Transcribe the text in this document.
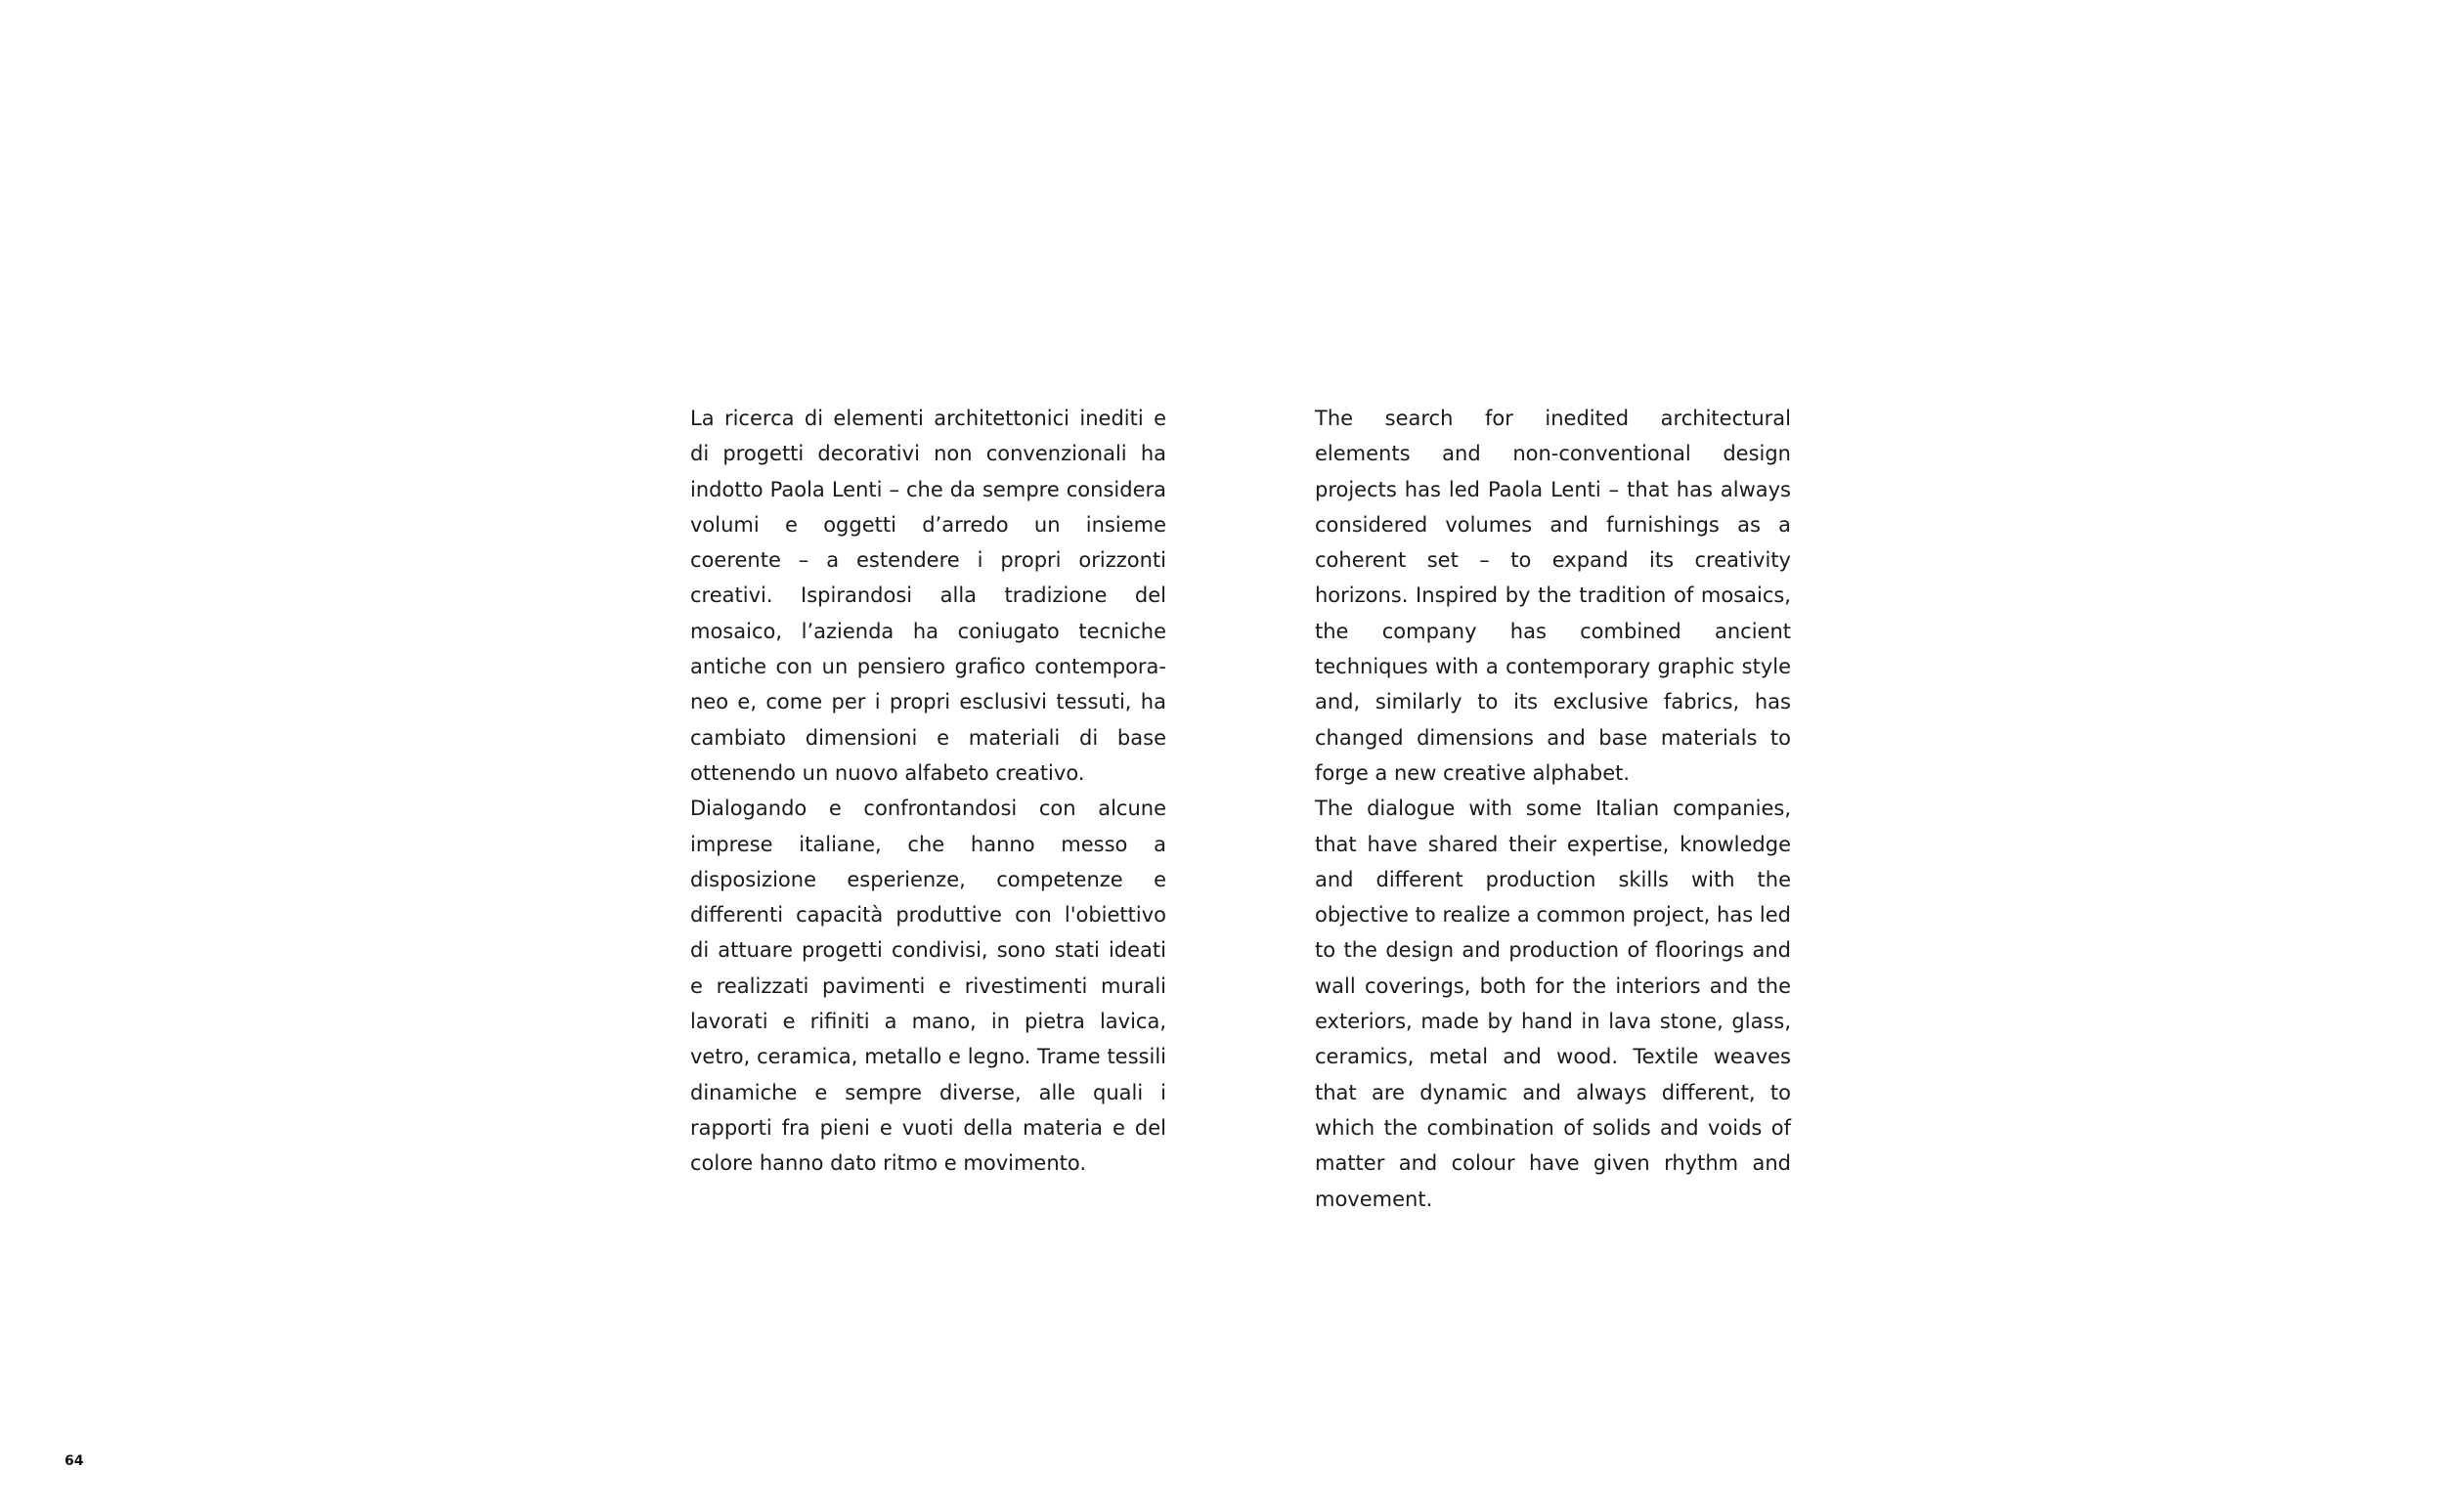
La ricerca di elementi architettonici inediti e di progetti decorativi non convenzionali ha indotto Paola Lenti – che da sempre considera volumi e oggetti d’arredo un insieme coerente – a estendere i propri orizzonti creativi. Ispirandosi alla tradizione del mosaico, l’azienda ha coniugato tecniche antiche con un pensiero grafico contemporaneo e, come per i propri esclusivi tessuti, ha cambiato dimensioni e materiali di base ottenendo un nuovo alfabeto creativo.

Dialogando e confrontandosi con alcune imprese italiane, che hanno messo a disposizione esperienze, competenze e differenti capacità produttive con l'obiettivo di attuare progetti condivisi, sono stati ideati e realizzati pavimenti e rivestimenti murali lavorati e rifiniti a mano, in pietra lavica, vetro, ceramica, metallo e legno. Trame tessili dinamiche e sempre diverse, alle quali i rapporti fra pieni e vuoti della materia e del colore hanno dato ritmo e movimento.

The search for inedited architectural elements and non-conventional design projects has led Paola Lenti – that has always considered volumes and furnishings as a coherent set – to expand its creativity horizons. Inspired by the tradition of mosaics, the company has combined ancient techniques with a contemporary graphic style and, similarly to its exclusive fabrics, has changed dimensions and base materials to forge a new creative alphabet.

The dialogue with some Italian companies, that have shared their expertise, knowledge and different production skills with the objective to realize a common project, has led to the design and production of floorings and wall coverings, both for the interiors and the exteriors, made by hand in lava stone, glass, ceramics, metal and wood. Textile weaves that are dynamic and always different, to which the combination of solids and voids of matter and colour have given rhythm and movement.

64
